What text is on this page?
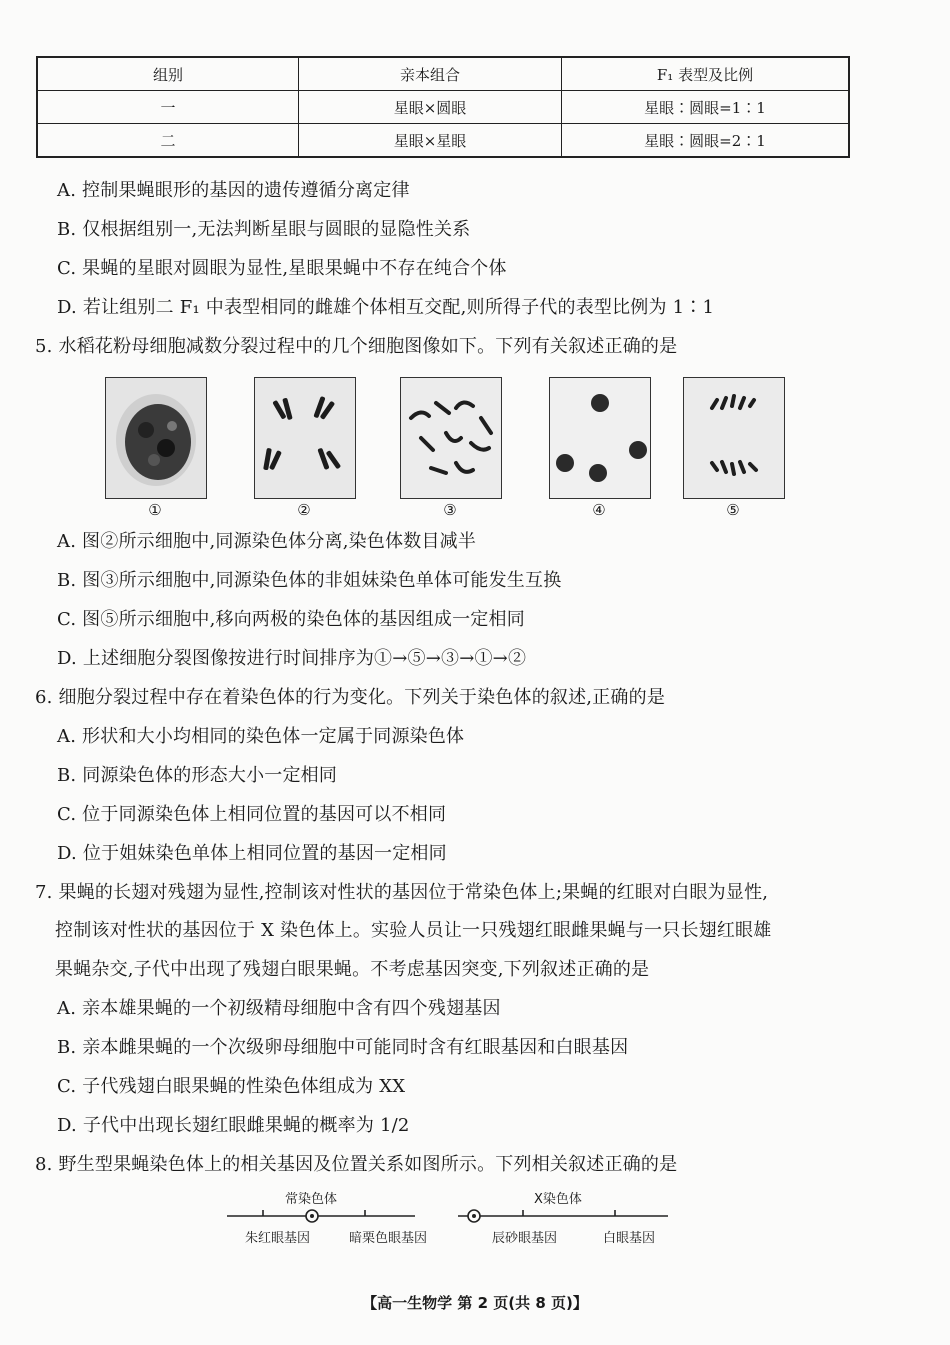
组别	亲本组合	F₁ 表型及比例
一	星眼×圆眼	星眼∶圆眼=1∶1
二	星眼×星眼	星眼∶圆眼=2∶1
A. 控制果蝇眼形的基因的遗传遵循分离定律
B. 仅根据组别一,无法判断星眼与圆眼的显隐性关系
C. 果蝇的星眼对圆眼为显性,星眼果蝇中不存在纯合个体
D. 若让组别二 F₁ 中表型相同的雌雄个体相互交配,则所得子代的表型比例为 1∶1
5. 水稻花粉母细胞减数分裂过程中的几个细胞图像如下。下列有关叙述正确的是
①	②	③	④	⑤
A. 图②所示细胞中,同源染色体分离,染色体数目减半
B. 图③所示细胞中,同源染色体的非姐妹染色单体可能发生互换
C. 图⑤所示细胞中,移向两极的染色体的基因组成一定相同
D. 上述细胞分裂图像按进行时间排序为①→⑤→③→①→②
6. 细胞分裂过程中存在着染色体的行为变化。下列关于染色体的叙述,正确的是
A. 形状和大小均相同的染色体一定属于同源染色体
B. 同源染色体的形态大小一定相同
C. 位于同源染色体上相同位置的基因可以不相同
D. 位于姐妹染色单体上相同位置的基因一定相同
7. 果蝇的长翅对残翅为显性,控制该对性状的基因位于常染色体上;果蝇的红眼对白眼为显性,
控制该对性状的基因位于 X 染色体上。实验人员让一只残翅红眼雌果蝇与一只长翅红眼雄
果蝇杂交,子代中出现了残翅白眼果蝇。不考虑基因突变,下列叙述正确的是
A. 亲本雄果蝇的一个初级精母细胞中含有四个残翅基因
B. 亲本雌果蝇的一个次级卵母细胞中可能同时含有红眼基因和白眼基因
C. 子代残翅白眼果蝇的性染色体组成为 XX
D. 子代中出现长翅红眼雌果蝇的概率为 1/2
8. 野生型果蝇染色体上的相关基因及位置关系如图所示。下列相关叙述正确的是
常染色体	X染色体
朱红眼基因	暗栗色眼基因	辰砂眼基因	白眼基因
【高一生物学 第 2 页(共 8 页)】
